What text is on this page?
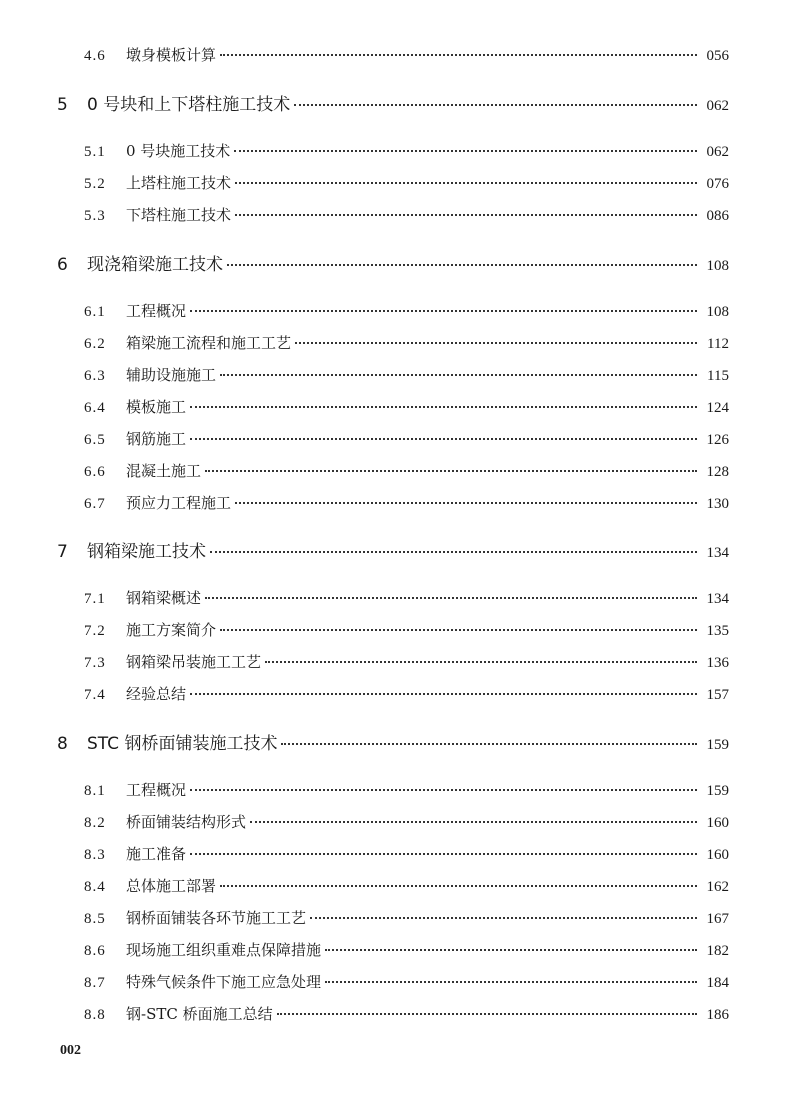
4.6	墩身模板计算	056
5	0 号块和上下塔柱施工技术	062
5.1	0 号块施工技术	062
5.2	上塔柱施工技术	076
5.3	下塔柱施工技术	086
6	现浇箱梁施工技术	108
6.1	工程概况	108
6.2	箱梁施工流程和施工工艺	112
6.3	辅助设施施工	115
6.4	模板施工	124
6.5	钢筋施工	126
6.6	混凝土施工	128
6.7	预应力工程施工	130
7	钢箱梁施工技术	134
7.1	钢箱梁概述	134
7.2	施工方案简介	135
7.3	钢箱梁吊装施工工艺	136
7.4	经验总结	157
8	STC 钢桥面铺装施工技术	159
8.1	工程概况	159
8.2	桥面铺装结构形式	160
8.3	施工准备	160
8.4	总体施工部署	162
8.5	钢桥面铺装各环节施工工艺	167
8.6	现场施工组织重难点保障措施	182
8.7	特殊气候条件下施工应急处理	184
8.8	钢-STC 桥面施工总结	186
002
